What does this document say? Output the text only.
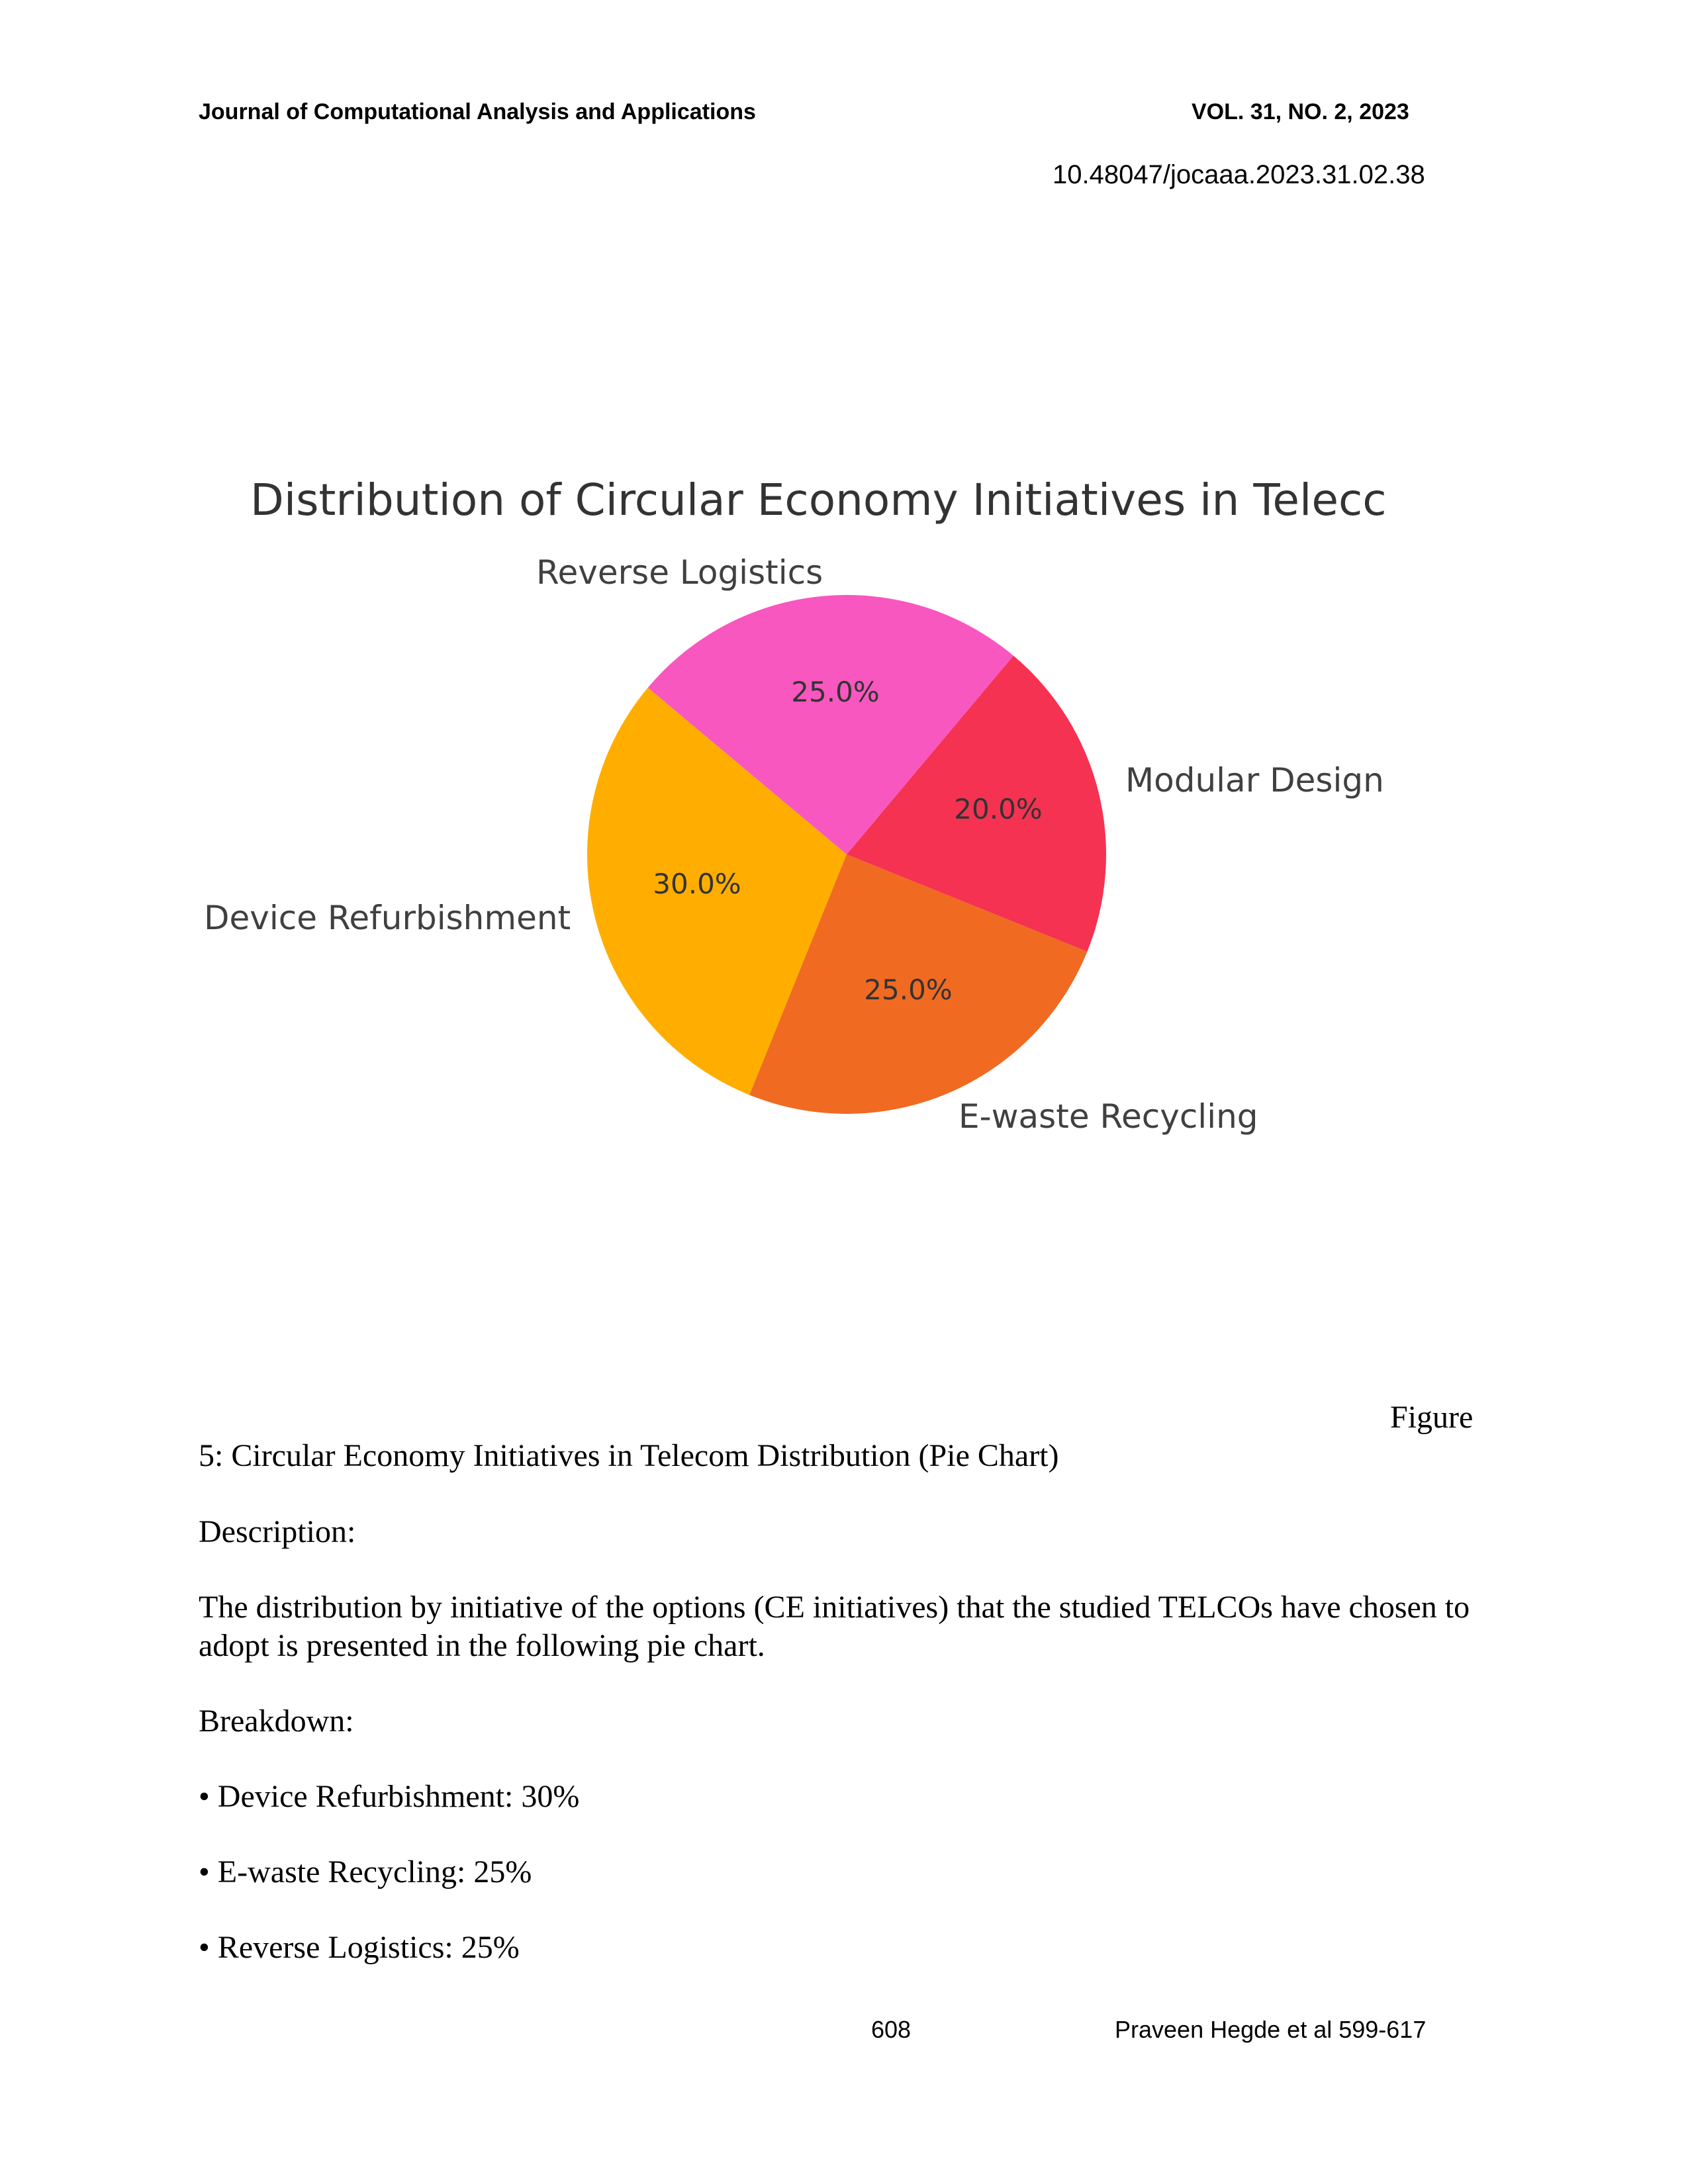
Journal of Computational Analysis and Applications	VOL. 31, NO. 2, 2023
10.48047/jocaaa.2023.31.02.38
Distribution of Circular Economy Initiatives in Telecc
Device Refurbishment
E-waste Recycling
Modular Design
Reverse Logistics
30.0%
25.0%
20.0%
25.0%
Figure
5: Circular Economy Initiatives in Telecom Distribution (Pie Chart)
Description:
The distribution by initiative of the options (CE initiatives) that the studied TELCOs have chosen to adopt is presented in the following pie chart.
Breakdown:
• Device Refurbishment: 30%
• E-waste Recycling: 25%
• Reverse Logistics: 25%
608	Praveen Hegde et al 599-617
